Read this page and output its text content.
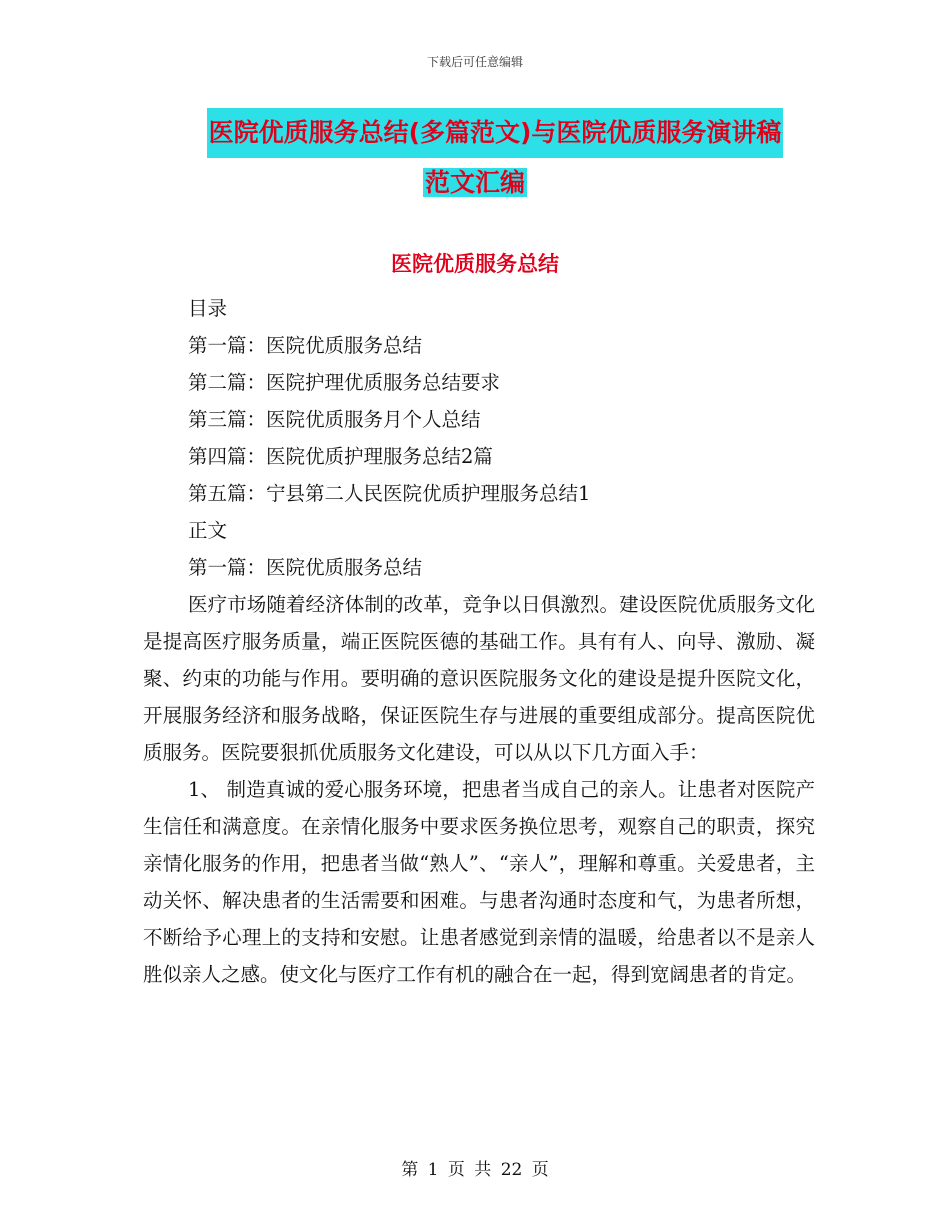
下载后可任意编辑
医院优质服务总结(多篇范文)与医院优质服务演讲稿
范文汇编
医院优质服务总结
目录
第一篇：医院优质服务总结
第二篇：医院护理优质服务总结要求
第三篇：医院优质服务月个人总结
第四篇：医院优质护理服务总结2篇
第五篇：宁县第二人民医院优质护理服务总结1
正文
第一篇：医院优质服务总结

医疗市场随着经济体制的改革，竞争以日俱激烈。建设医院优质服务文化是提高医疗服务质量，端正医院医德的基础工作。具有有人、向导、激励、凝聚、约束的功能与作用。要明确的意识医院服务文化的建设是提升医院文化，开展服务经济和服务战略，保证医院生存与进展的重要组成部分。提高医院优质服务。医院要狠抓优质服务文化建设，可以从以下几方面入手：

1、 制造真诚的爱心服务环境，把患者当成自己的亲人。让患者对医院产生信任和满意度。在亲情化服务中要求医务换位思考，观察自己的职责，探究亲情化服务的作用，把患者当做“熟人”、“亲人”，理解和尊重。关爱患者，主动关怀、解决患者的生活需要和困难。与患者沟通时态度和气，为患者所想，不断给予心理上的支持和安慰。让患者感觉到亲情的温暖，给患者以不是亲人胜似亲人之感。使文化与医疗工作有机的融合在一起，得到宽阔患者的肯定。

第 1 页 共 22 页
